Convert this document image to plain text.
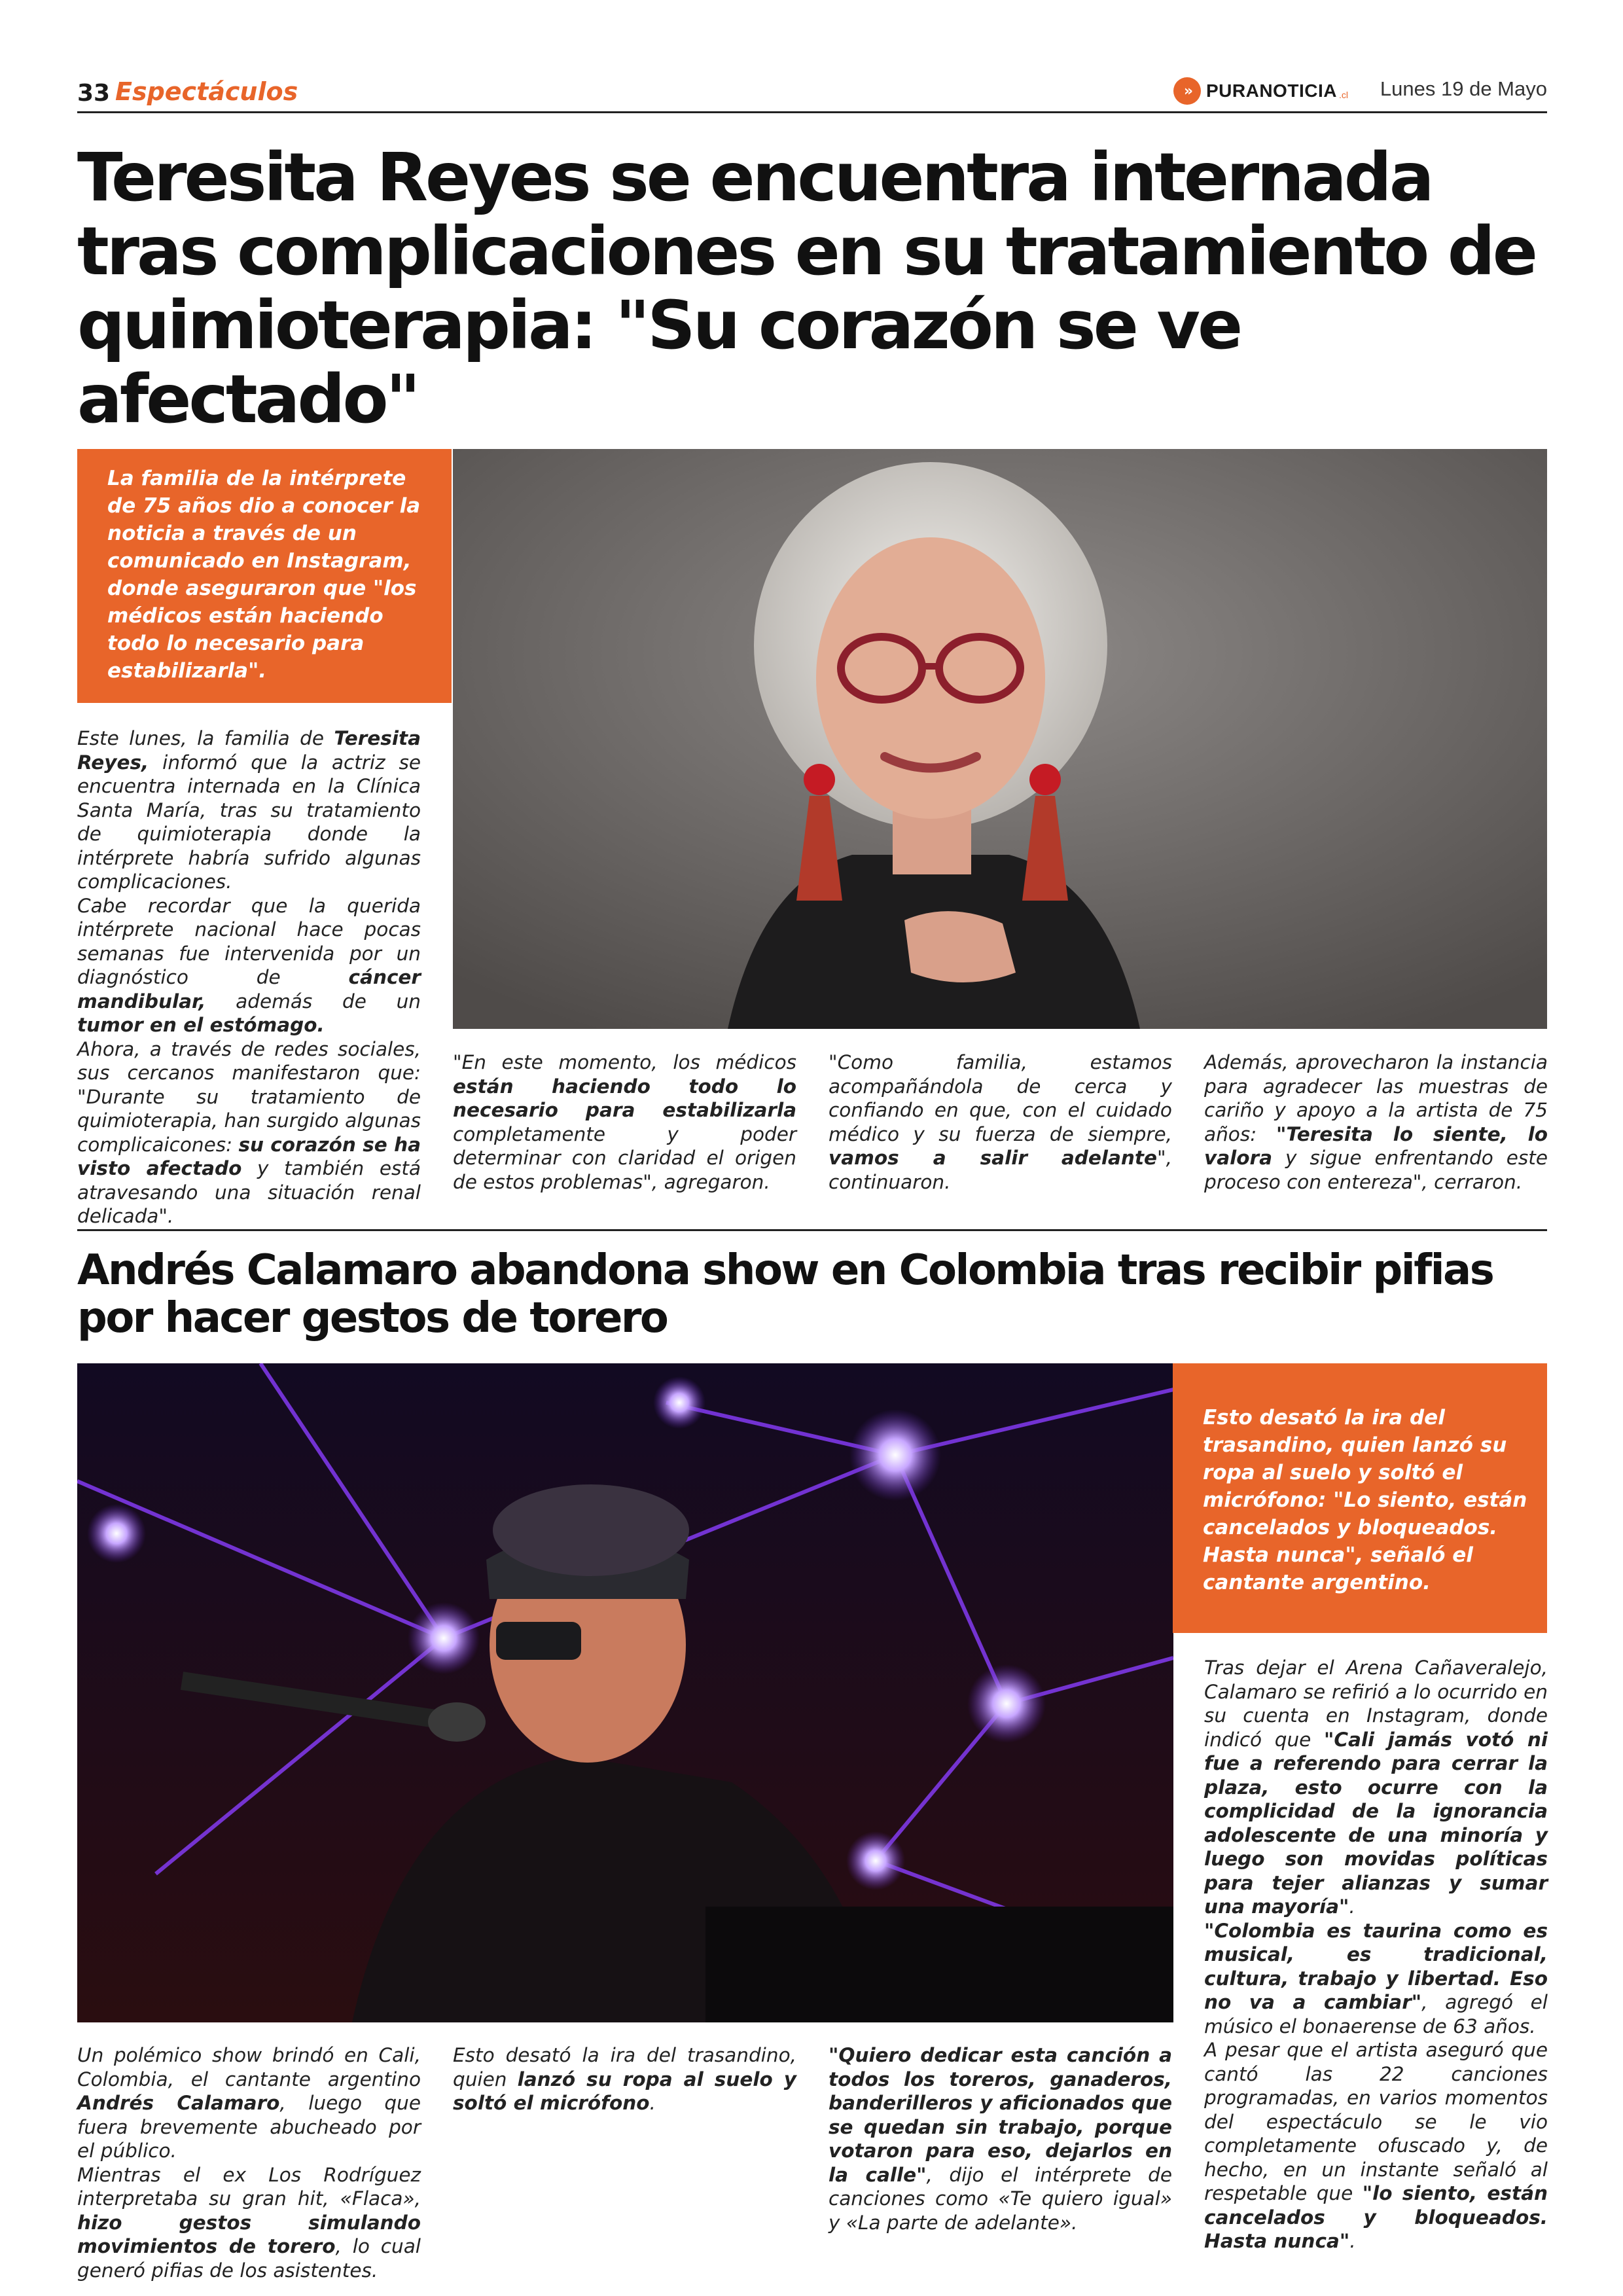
33 Espectáculos	›› PURANOTICIA .cl Lunes 19 de Mayo
Teresita Reyes se encuentra internada tras complicaciones en su tratamiento de quimioterapia: "Su corazón se ve afectado"
La familia de la intérprete de 75 años dio a conocer la noticia a través de un comunicado en Instagram, donde aseguraron que "los médicos están haciendo todo lo necesario para estabilizarla".
Este lunes, la familia de Teresita Reyes, informó que la actriz se encuentra internada en la Clínica Santa María, tras su tratamiento de quimioterapia donde la intérprete habría sufrido algunas complicaciones.
Cabe recordar que la querida intérprete nacional hace pocas semanas fue intervenida por un diagnóstico de cáncer mandibular, además de un tumor en el estómago.
Ahora, a través de redes sociales, sus cercanos manifestaron que: "Durante su tratamiento de quimioterapia, han surgido algunas complicaicones: su corazón se ha visto afectado y también está atravesando una situación renal delicada".
"En este momento, los médicos están haciendo todo lo necesario para estabilizarla completamente y poder determinar con claridad el origen de estos problemas", agregaron.
"Como familia, estamos acompañándola de cerca y confiando en que, con el cuidado médico y su fuerza de siempre, vamos a salir adelante", continuaron.
Además, aprovecharon la instancia para agradecer las muestras de cariño y apoyo a la artista de 75 años: "Teresita lo siente, lo valora y sigue enfrentando este proceso con entereza", cerraron.
Andrés Calamaro abandona show en Colombia tras recibir pifias por hacer gestos de torero
Esto desató la ira del trasandino, quien lanzó su ropa al suelo y soltó el micrófono: "Lo siento, están cancelados y bloqueados. Hasta nunca", señaló el cantante argentino.
Un polémico show brindó en Cali, Colombia, el cantante argentino Andrés Calamaro, luego que fuera brevemente abucheado por el público.
Mientras el ex Los Rodríguez interpretaba su gran hit, «Flaca», hizo gestos simulando movimientos de torero, lo cual generó pifias de los asistentes.
Esto desató la ira del trasandino, quien lanzó su ropa al suelo y soltó el micrófono.
"Quiero dedicar esta canción a todos los toreros, ganaderos, banderilleros y aficionados que se quedan sin trabajo, porque votaron para eso, dejarlos en la calle", dijo el intérprete de canciones como «Te quiero igual» y «La parte de adelante».
Tras dejar el Arena Cañaveralejo, Calamaro se refirió a lo ocurrido en su cuenta en Instagram, donde indicó que "Cali jamás votó ni fue a referendo para cerrar la plaza, esto ocurre con la complicidad de la ignorancia adolescente de una minoría y luego son movidas políticas para tejer alianzas y sumar una mayoría".
"Colombia es taurina como es musical, es tradicional, cultura, trabajo y libertad. Eso no va a cambiar", agregó el músico el bonaerense de 63 años.
A pesar que el artista aseguró que cantó las 22 canciones programadas, en varios momentos del espectáculo se le vio completamente ofuscado y, de hecho, en un instante señaló al respetable que "lo siento, están cancelados y bloqueados. Hasta nunca".
